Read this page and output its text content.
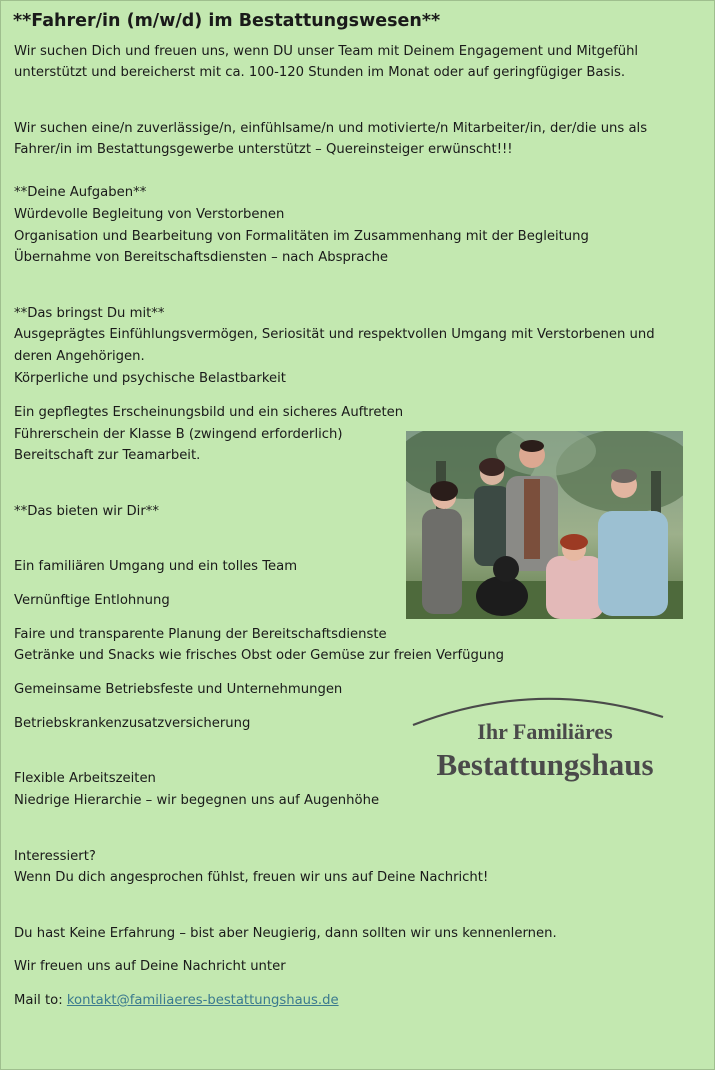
**Fahrer/in (m/w/d) im Bestattungswesen**

Wir suchen Dich und freuen uns, wenn DU unser Team mit Deinem Engagement und Mitgefühl

unterstützt und bereicherst mit ca. 100-120 Stunden im Monat oder auf geringfügiger Basis.

Wir suchen eine/n zuverlässige/n, einfühlsame/n und motivierte/n Mitarbeiter/in, der/die uns als

Fahrer/in im Bestattungsgewerbe unterstützt – Quereinsteiger erwünscht!!!

**Deine Aufgaben**

Würdevolle Begleitung von Verstorbenen

Organisation und Bearbeitung von Formalitäten im Zusammenhang mit der Begleitung

Übernahme von Bereitschaftsdiensten – nach Absprache

**Das bringst Du mit**

Ausgeprägtes Einfühlungsvermögen, Seriosität und respektvollen Umgang mit Verstorbenen und

deren Angehörigen.

Körperliche und psychische Belastbarkeit

Ein gepflegtes Erscheinungsbild und ein sicheres Auftreten

Führerschein der Klasse B (zwingend erforderlich)

Bereitschaft zur Teamarbeit.

**Das bieten wir Dir**

Ein familiären Umgang und ein tolles Team

Vernünftige Entlohnung

Faire und transparente Planung der Bereitschaftsdienste

Getränke und Snacks wie frisches Obst oder Gemüse zur freien Verfügung

Gemeinsame Betriebsfeste und Unternehmungen

Betriebskrankenzusatzversicherung

Flexible Arbeitszeiten

Niedrige Hierarchie – wir begegnen uns auf Augenhöhe

Interessiert?

Wenn Du dich angesprochen fühlst, freuen wir uns auf Deine Nachricht!

Du hast Keine Erfahrung – bist aber Neugierig, dann sollten wir uns kennenlernen.

Wir freuen uns auf Deine Nachricht unter

Mail to: kontakt@familiaeres-bestattungshaus.de

Ihr Familiäres
Bestattungshaus
